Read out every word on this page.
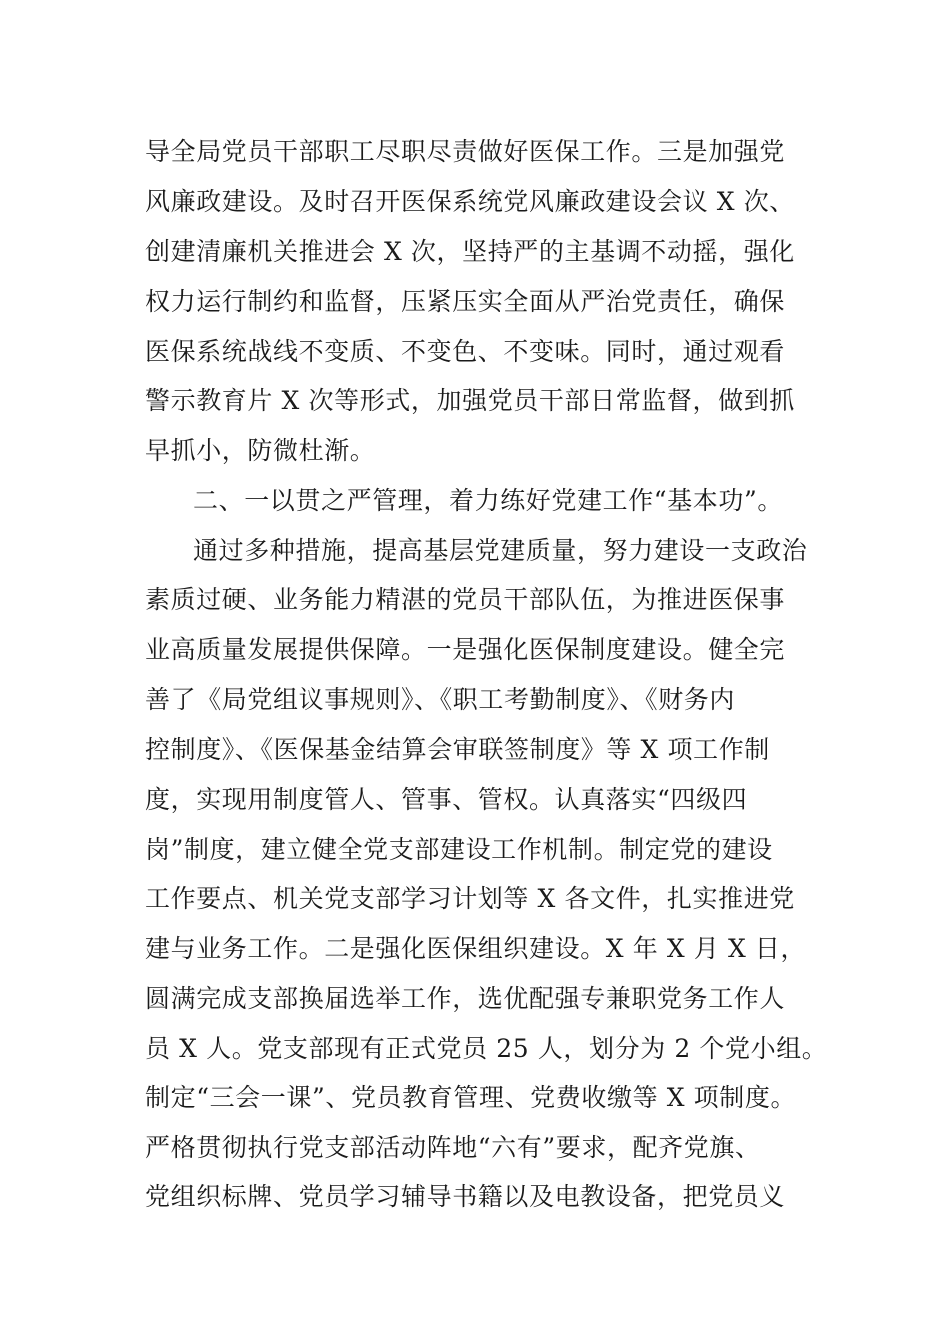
导全局党员干部职工尽职尽责做好医保工作。三是加强党
风廉政建设。及时召开医保系统党风廉政建设会议 X 次、
创建清廉机关推进会 X 次，坚持严的主基调不动摇，强化
权力运行制约和监督，压紧压实全面从严治党责任，确保
医保系统战线不变质、不变色、不变味。同时，通过观看
警示教育片 X 次等形式，加强党员干部日常监督，做到抓
早抓小，防微杜渐。
二、一以贯之严管理，着力练好党建工作“基本功”。
通过多种措施，提高基层党建质量，努力建设一支政治
素质过硬、业务能力精湛的党员干部队伍，为推进医保事
业高质量发展提供保障。一是强化医保制度建设。健全完
善了《局党组议事规则》、《职工考勤制度》、《财务内
控制度》、《医保基金结算会审联签制度》等 X 项工作制
度，实现用制度管人、管事、管权。认真落实“四级四
岗”制度，建立健全党支部建设工作机制。制定党的建设
工作要点、机关党支部学习计划等 X 各文件，扎实推进党
建与业务工作。二是强化医保组织建设。X 年 X 月 X 日，
圆满完成支部换届选举工作，选优配强专兼职党务工作人
员 X 人。党支部现有正式党员 25 人，划分为 2 个党小组。
制定“三会一课”、党员教育管理、党费收缴等 X 项制度。
严格贯彻执行党支部活动阵地“六有”要求，配齐党旗、
党组织标牌、党员学习辅导书籍以及电教设备，把党员义
